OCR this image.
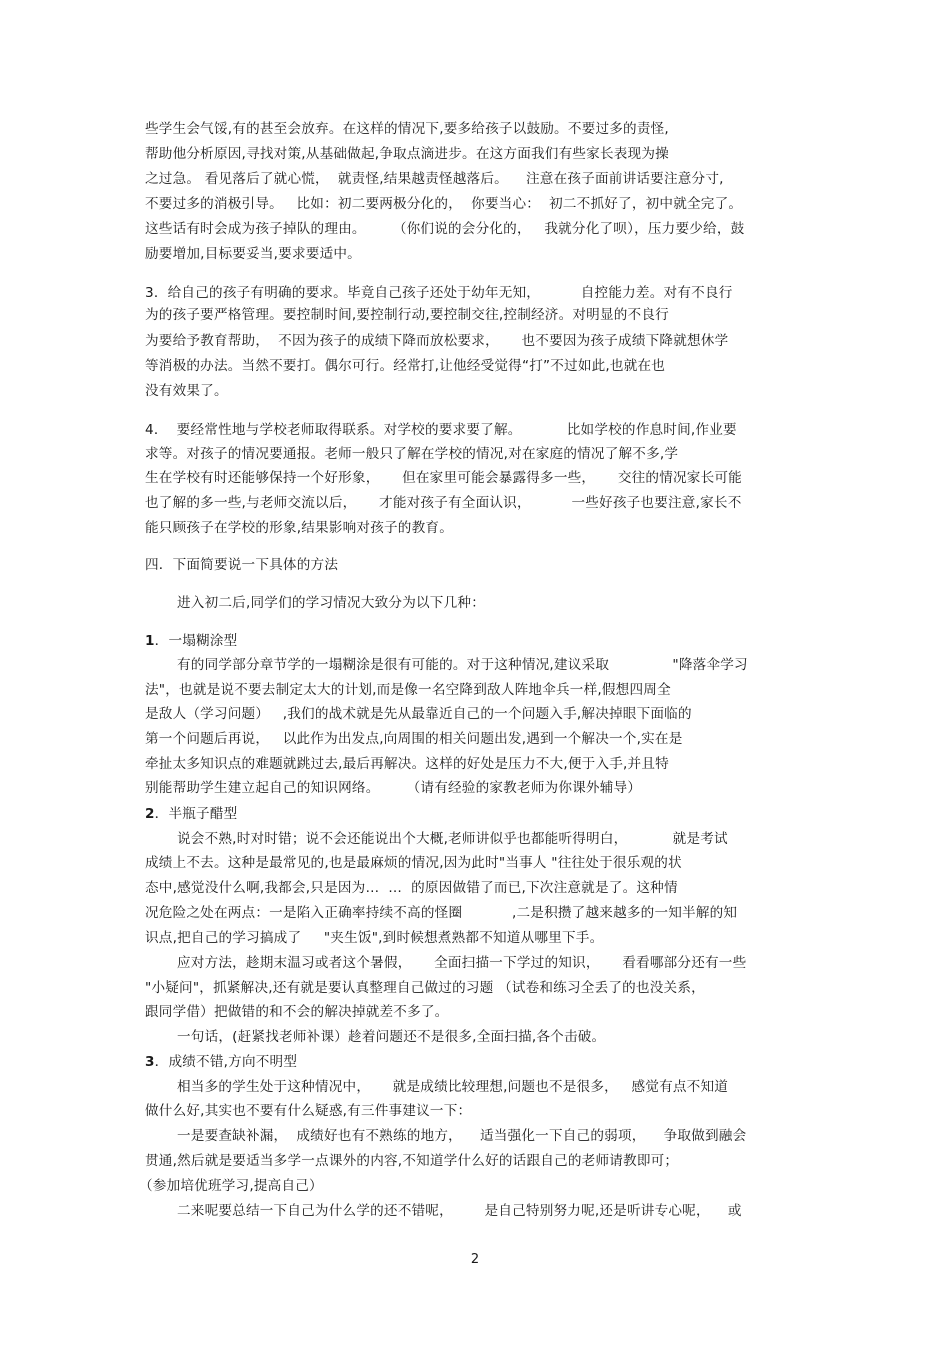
些学生会气馁,有的甚至会放弃。在这样的情况下,要多给孩子以鼓励。不要过多的责怪,
帮助他分析原因,寻找对策,从基础做起,争取点滴进步。在这方面我们有些家长表现为操
之过急。 看见落后了就心慌，  就责怪,结果越责怪越落后。    注意在孩子面前讲话要注意分寸,
不要过多的消极引导。   比如：初二要两极分化的，  你要当心：  初二不抓好了，初中就全完了。
这些话有时会成为孩子掉队的理由。      （你们说的会分化的，   我就分化了呗），压力要少给，鼓
励要增加,目标要妥当,要求要适中。
3．给自己的孩子有明确的要求。毕竟自己孩子还处于幼年无知，         自控能力差。对有不良行
为的孩子要严格管理。要控制时间,要控制行动,要控制交往,控制经济。对明显的不良行
为要给予教育帮助，  不因为孩子的成绩下降而放松要求，     也不要因为孩子成绩下降就想休学
等消极的办法。当然不要打。偶尔可行。经常打,让他经受觉得“打”不过如此,也就在也
没有效果了。
4．  要经常性地与学校老师取得联系。对学校的要求要了解。          比如学校的作息时间,作业要
求等。对孩子的情况要通报。老师一般只了解在学校的情况,对在家庭的情况了解不多,学
生在学校有时还能够保持一个好形象，     但在家里可能会暴露得多一些，     交往的情况家长可能
也了解的多一些,与老师交流以后，     才能对孩子有全面认识，         一些好孩子也要注意,家长不
能只顾孩子在学校的形象,结果影响对孩子的教育。
四．下面简要说一下具体的方法
进入初二后,同学们的学习情况大致分为以下几种：
1．一塌糊涂型
有的同学部分章节学的一塌糊涂是很有可能的。对于这种情况,建议采取              "降落伞学习
法"，也就是说不要去制定太大的计划,而是像一名空降到敌人阵地伞兵一样,假想四周全
是敌人（学习问题）   ,我们的战术就是先从最靠近自己的一个问题入手,解决掉眼下面临的
第一个问题后再说，   以此作为出发点,向周围的相关问题出发,遇到一个解决一个,实在是
牵扯太多知识点的难题就跳过去,最后再解决。这样的好处是压力不大,便于入手,并且特
别能帮助学生建立起自己的知识网络。      （请有经验的家教老师为你课外辅导）
2．半瓶子醋型
说会不熟,时对时错；说不会还能说出个大概,老师讲似乎也都能听得明白，          就是考试
成绩上不去。这种是最常见的,也是最麻烦的情况,因为此时"当事人 "往往处于很乐观的状
态中,感觉没什么啊,我都会,只是因为…  …  的原因做错了而已,下次注意就是了。这种情
况危险之处在两点：一是陷入正确率持续不高的怪圈           ,二是积攒了越来越多的一知半解的知
识点,把自己的学习搞成了     "夹生饭",到时候想煮熟都不知道从哪里下手。
应对方法，趁期末温习或者这个暑假，     全面扫描一下学过的知识，     看看哪部分还有一些
"小疑问"，抓紧解决,还有就是要认真整理自己做过的习题 （试卷和练习全丢了的也没关系，
跟同学借）把做错的和不会的解决掉就差不多了。
一句话，(赶紧找老师补课）趁着问题还不是很多,全面扫描,各个击破。
3．成绩不错,方向不明型
相当多的学生处于这种情况中，     就是成绩比较理想,问题也不是很多，   感觉有点不知道
做什么好,其实也不要有什么疑惑,有三件事建议一下：
一是要查缺补漏，  成绩好也有不熟练的地方，    适当强化一下自己的弱项，    争取做到融会
贯通,然后就是要适当多学一点课外的内容,不知道学什么好的话跟自己的老师请教即可；
（参加培优班学习,提高自己）
二来呢要总结一下自己为什么学的还不错呢，       是自己特别努力呢,还是听讲专心呢，    或
2
